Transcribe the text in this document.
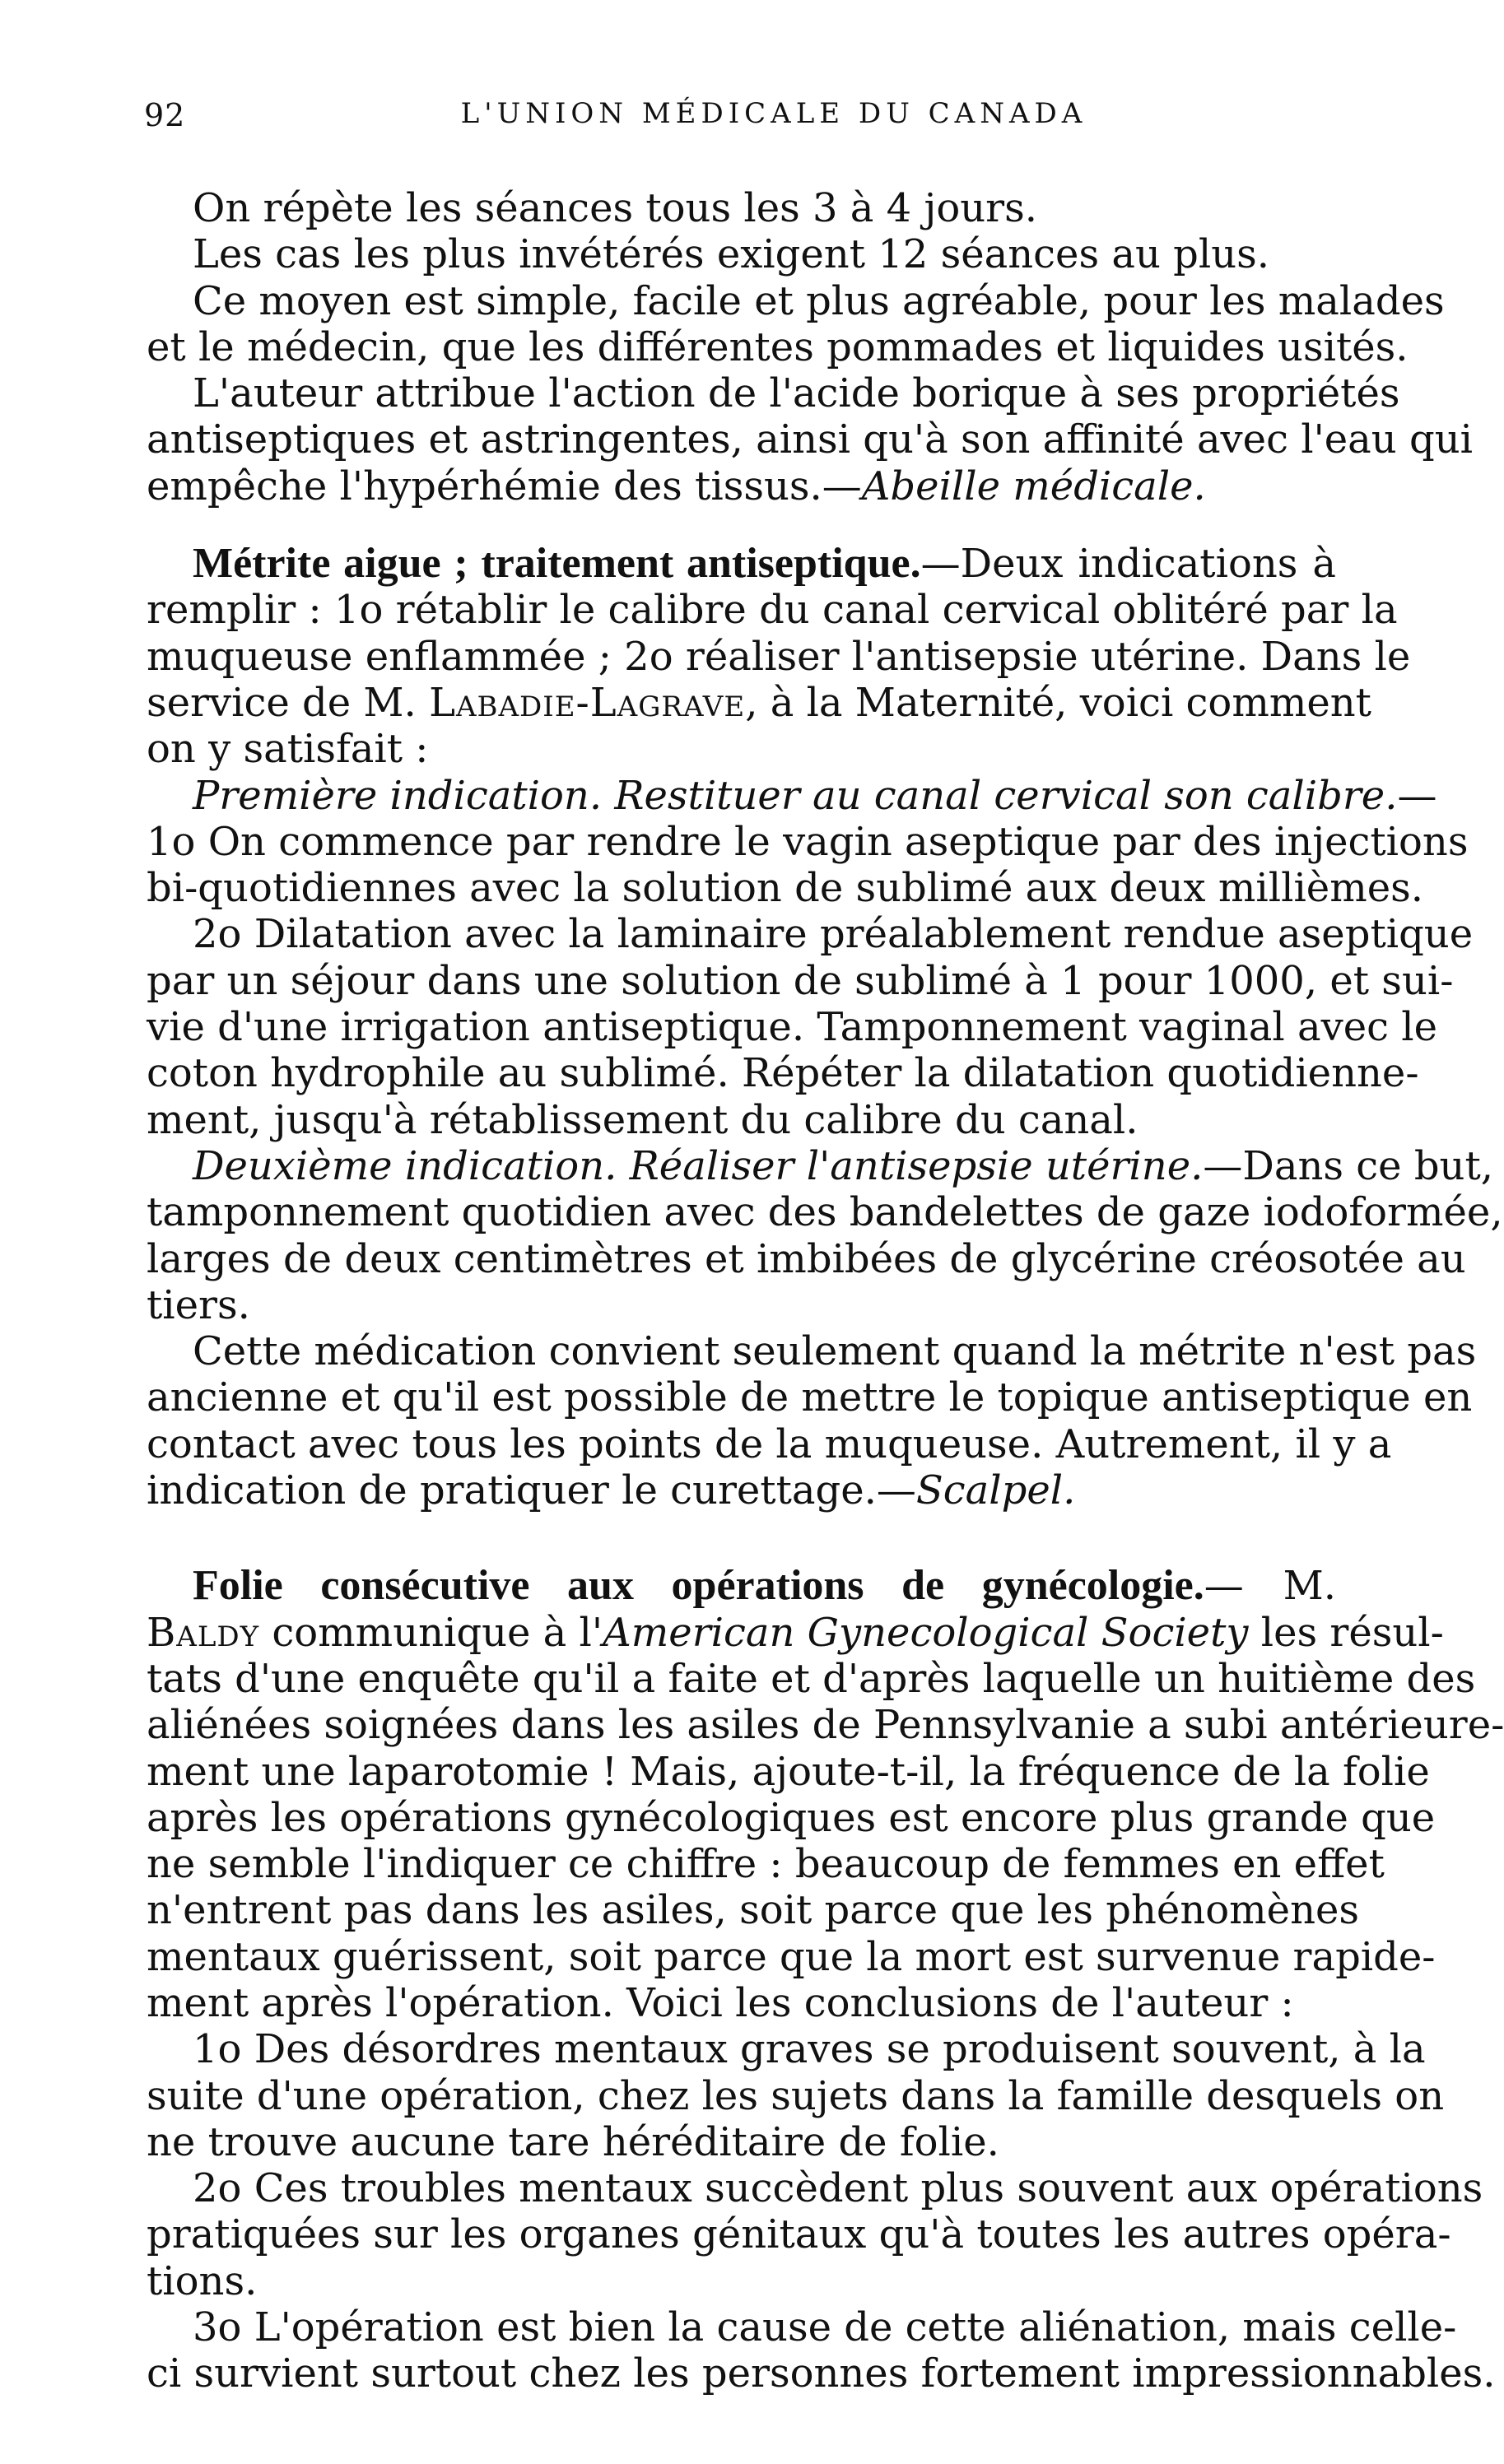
92	L'UNION MÉDICALE DU CANADA
On répète les séances tous les 3 à 4 jours.
Les cas les plus invétérés exigent 12 séances au plus.
Ce moyen est simple, facile et plus agréable, pour les malades
et le médecin, que les différentes pommades et liquides usités.
L'auteur attribue l'action de l'acide borique à ses propriétés
antiseptiques et astringentes, ainsi qu'à son affinité avec l'eau qui
empêche l'hypérhémie des tissus.—Abeille médicale.
Métrite aigue ; traitement antiseptique.—Deux indications à
remplir : 1o rétablir le calibre du canal cervical oblitéré par la
muqueuse enflammée ; 2o réaliser l'antisepsie utérine. Dans le
service de M. Labadie-Lagrave, à la Maternité, voici comment
on y satisfait :
Première indication. Restituer au canal cervical son calibre.—
1o On commence par rendre le vagin aseptique par des injections
bi-quotidiennes avec la solution de sublimé aux deux millièmes.
2o Dilatation avec la laminaire préalablement rendue aseptique
par un séjour dans une solution de sublimé à 1 pour 1000, et sui-
vie d'une irrigation antiseptique. Tamponnement vaginal avec le
coton hydrophile au sublimé. Répéter la dilatation quotidienne-
ment, jusqu'à rétablissement du calibre du canal.
Deuxième indication. Réaliser l'antisepsie utérine.—Dans ce but,
tamponnement quotidien avec des bandelettes de gaze iodoformée,
larges de deux centimètres et imbibées de glycérine créosotée au
tiers.
Cette médication convient seulement quand la métrite n'est pas
ancienne et qu'il est possible de mettre le topique antiseptique en
contact avec tous les points de la muqueuse. Autrement, il y a
indication de pratiquer le curettage.—Scalpel.
Folie consécutive aux opérations de gynécologie.— M.
Baldy communique à l'American Gynecological Society les résul-
tats d'une enquête qu'il a faite et d'après laquelle un huitième des
aliénées soignées dans les asiles de Pennsylvanie a subi antérieure-
ment une laparotomie ! Mais, ajoute-t-il, la fréquence de la folie
après les opérations gynécologiques est encore plus grande que
ne semble l'indiquer ce chiffre : beaucoup de femmes en effet
n'entrent pas dans les asiles, soit parce que les phénomènes
mentaux guérissent, soit parce que la mort est survenue rapide-
ment après l'opération. Voici les conclusions de l'auteur :
1o Des désordres mentaux graves se produisent souvent, à la
suite d'une opération, chez les sujets dans la famille desquels on
ne trouve aucune tare héréditaire de folie.
2o Ces troubles mentaux succèdent plus souvent aux opérations
pratiquées sur les organes génitaux qu'à toutes les autres opéra-
tions.
3o L'opération est bien la cause de cette aliénation, mais celle-
ci survient surtout chez les personnes fortement impressionnables.
